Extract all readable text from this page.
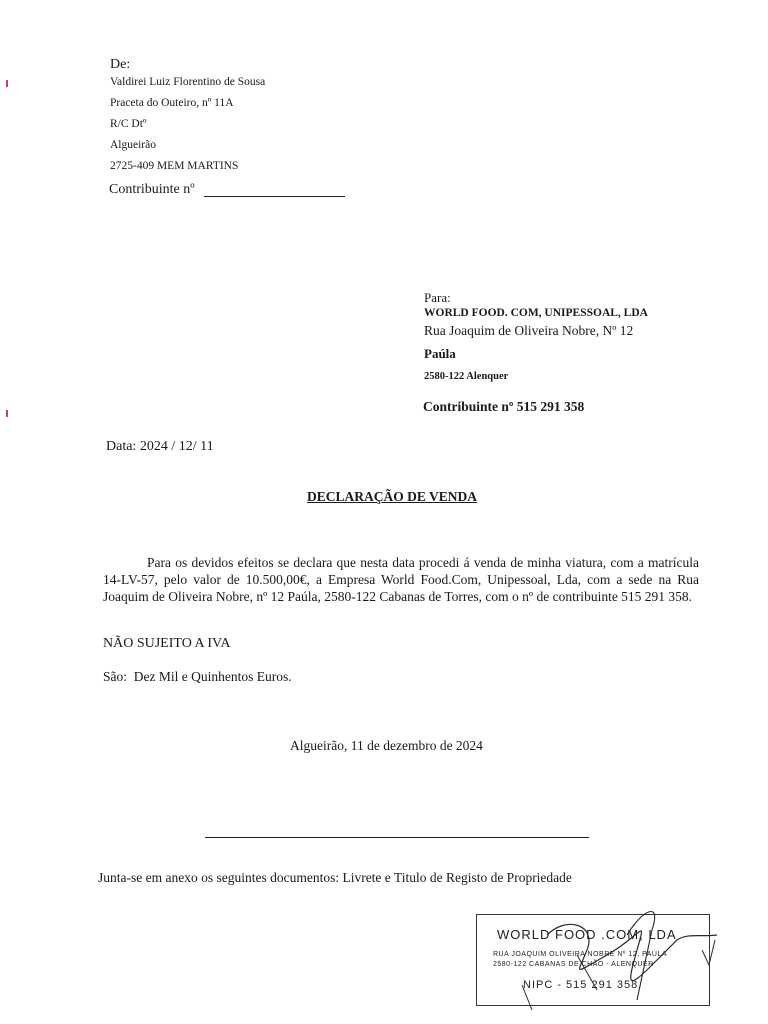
De:
Valdirei Luiz Florentino de Sousa
Praceta do Outeiro, nº 11A
R/C Dtº
Algueirão
2725-409 MEM MARTINS
Contribuinte nº
Para:
WORLD FOOD. COM, UNIPESSOAL, LDA
Rua Joaquim de Oliveira Nobre, Nº 12
Paúla
2580-122 Alenquer
Contribuinte nº 515 291 358
Data: 2024 / 12/ 11
DECLARAÇÃO DE VENDA
Para os devidos efeitos se declara que nesta data procedi á venda de minha viatura, com a matrícula 14-LV-57, pelo valor de 10.500,00€, a Empresa World Food.Com, Unipessoal, Lda, com a sede na Rua Joaquim de Oliveira Nobre, nº 12 Paúla, 2580-122 Cabanas de Torres, com o nº de contribuinte 515 291 358.
NÃO SUJEITO A IVA
São:  Dez Mil e Quinhentos Euros.
Algueirão, 11 de dezembro de 2024
Junta-se em anexo os seguintes documentos: Livrete e Titulo de Registo de Propriedade
WORLD FOOD .COM, LDA
RUA JOAQUIM OLIVEIRA NOBRE Nº 12, PAÚLA
2580-122 CABANAS DE CHÃO - ALENQUER
NIPC - 515 291 358
